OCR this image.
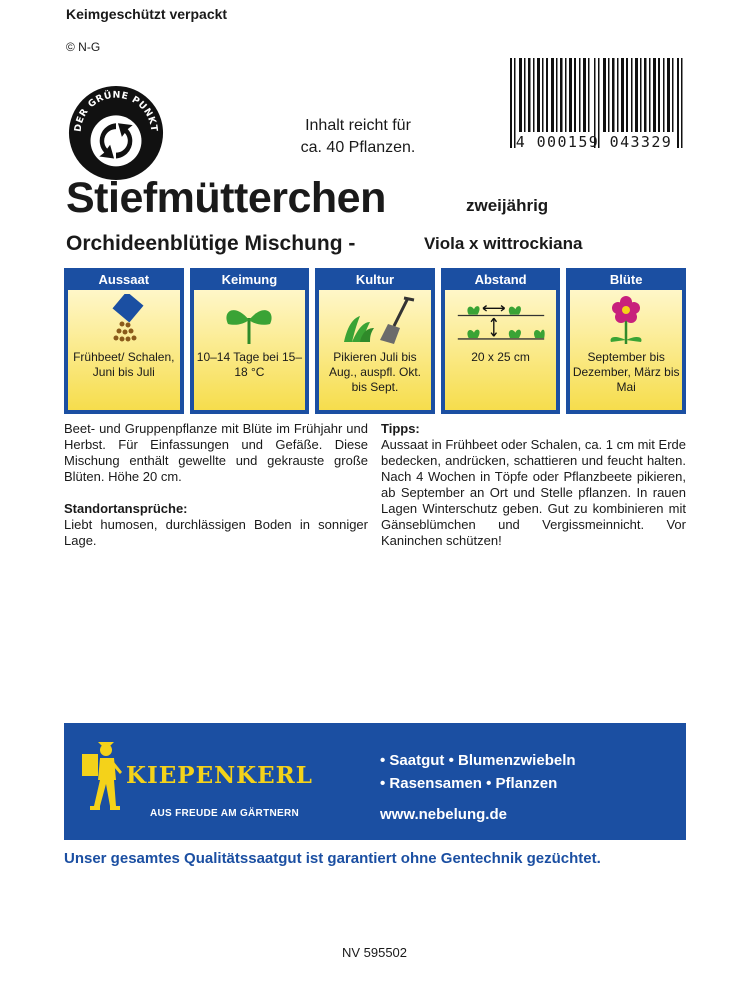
Keimgeschützt verpackt
© N-G
DER GRÜNE PUNKT
4 000159 043329
Inhalt reicht für
ca. 40 Pflanzen.
Stiefmütterchen	zweijährig
Orchideenblütige Mischung -	Viola x wittrockiana
Aussaat
Frühbeet/ Schalen, Juni bis Juli
Keimung
10–14 Tage bei 15–18 °C
Kultur
Pikieren Juli bis Aug., auspfl. Okt. bis Sept.
Abstand
20 x 25 cm
Blüte
September bis Dezember, März bis Mai
Beet- und Gruppenpflanze mit Blüte im Frühjahr und Herbst. Für Einfassungen und Gefäße. Diese Mischung enthält gewellte und gekrauste große Blüten. Höhe 20 cm.
Standortansprüche:
Liebt humosen, durchlässigen Boden in sonniger Lage.
Tipps:
Aussaat in Frühbeet oder Schalen, ca. 1 cm mit Erde bedecken, andrücken, schattieren und feucht halten. Nach 4 Wochen in Töpfe oder Pflanzbeete pikieren, ab September an Ort und Stelle pflanzen. In rauen Lagen Winterschutz geben. Gut zu kombinieren mit Gänseblümchen und Vergissmeinnicht. Vor Kaninchen schützen!
KIEPENKERL
AUS FREUDE AM GÄRTNERN
• Saatgut • Blumenzwiebeln
• Rasensamen • Pflanzen
www.nebelung.de
Unser gesamtes Qualitätssaatgut ist garantiert ohne Gentechnik gezüchtet.
NV 595502
